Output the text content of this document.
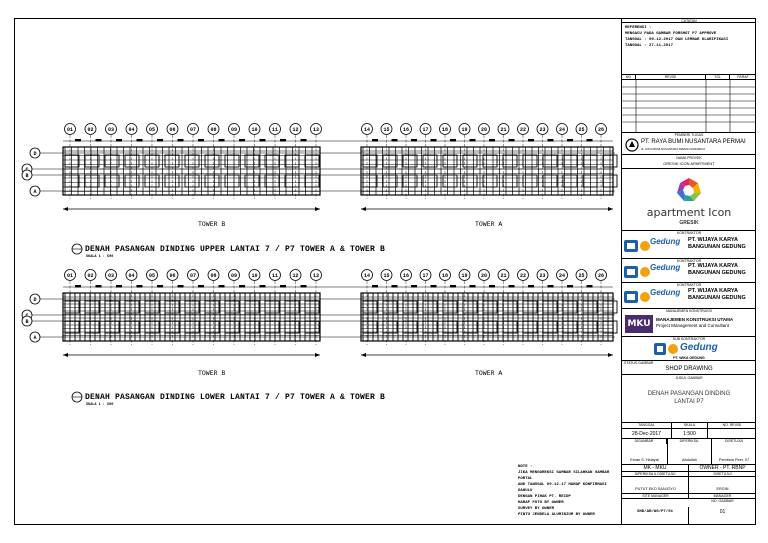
01	02	03	04	05	06	07	08	09	10	11	12	13	14	15	16	17	18	19	20	21	22	23	24	25	26
D
B
A
01	02	03	04	05	06	07	08	09	10	11	12	13	14	15	16	17	18	19	20	21	22	23	24	25	26
D
B
A
DENAH PASANGAN DINDING UPPER LANTAI 7 / P7 TOWER A & TOWER B
SKALA 1 : 500
DENAH PASANGAN DINDING LOWER LANTAI 7 / P7 TOWER A & TOWER B
SKALA 1 : 500
TOWER B	TOWER A
TOWER B	TOWER A
NOTE :
JIKA MENGOREKSI GAMBAR SILAHKAN GAMBAR PORTAL
AND TANGGAL 09-12-17 HARAP KONFIRMASI DAHULU
DENGAN PIHAK PT. REIDP
HARAP FOTO BY OWNER
SURVEY BY OWNER
PINTU JENDELA ALUMINIUM BY OWNER
CATATAN
REFERENSI :
MENGACU PADA GAMBAR FORSHOT P7 APPROVE
TANGGAL : 09-12-2017 DAN LEMBAR KLARIFIKASI
TANGGAL : 27-11-2017
NO	REVISI	TGL	PARAF
PEMBERI TUGAS
PT. RAYA BUMI NUSANTARA PERMAI
JL. RAYA BUMI NUSANTARA PERMAI SURABAYA
NAMA PROYEK
GRESIK ICON APARTMENT
apartment Icon
GRESIK
KONTRAKTOR
Gedung PT. WIJAYA KARYA
BANGUNAN GEDUNG
KONTRAKTOR
Gedung PT. WIJAYA KARYA
BANGUNAN GEDUNG
KONTRAKTOR
Gedung PT. WIJAYA KARYA
BANGUNAN GEDUNG
MANAJEMEN KONSTRUKSI
MKU	MANAJEMEN KONSTRUKSI UTAMA
Project Management and Consultant
SUB KONTRAKTOR
Gedung
PT. WIKA GEDUNG
STATUS GAMBAR
SHOP DRAWING
JUDUL GAMBAR
DENAH PASANGAN DINDING
LANTAI P7
TANGGAL	SKALA	NO. REVISI
28-Dec-2017	1:500
DIGAMBAR	DIPERIKSA	DISETUJUI
Eman S. Hidayat	Abdullah	Pembina Peer. 07
MK - MKU
DIPERIKSA & DISETUJUI
PUTUT EKO SANJOYO
SITE MANAGER
OWNER - PT. RBNP
DISETUJUI
ERGIN
MANAGER
NO. GAMBAR
SHD/AR/WG/P7/01	01
